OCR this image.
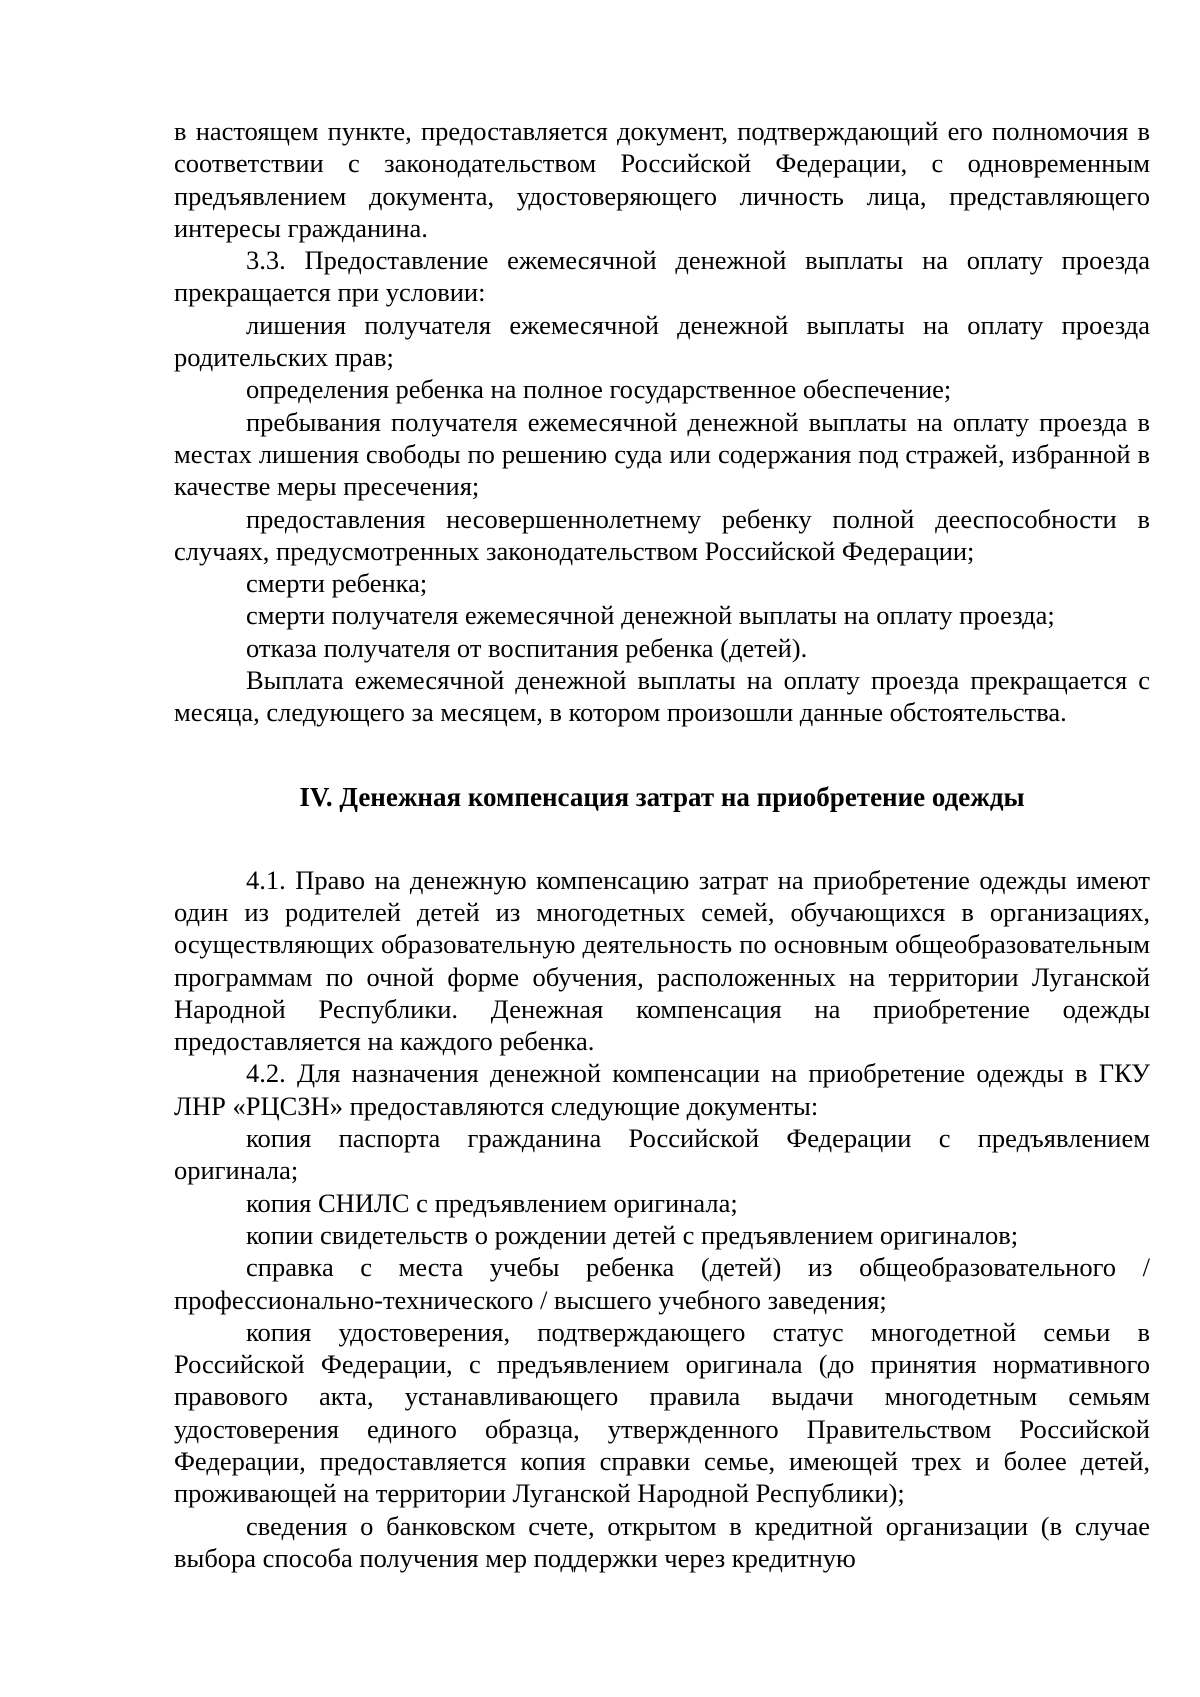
в настоящем пункте, предоставляется документ, подтверждающий его полномочия в соответствии с законодательством Российской Федерации, с одновременным предъявлением документа, удостоверяющего личность лица, представляющего интересы гражданина.

3.3. Предоставление ежемесячной денежной выплаты на оплату проезда прекращается при условии:

лишения получателя ежемесячной денежной выплаты на оплату проезда родительских прав;

определения ребенка на полное государственное обеспечение;

пребывания получателя ежемесячной денежной выплаты на оплату проезда в местах лишения свободы по решению суда или содержания под стражей, избранной в качестве меры пресечения;

предоставления несовершеннолетнему ребенку полной дееспособности в случаях, предусмотренных законодательством Российской Федерации;

смерти ребенка;

смерти получателя ежемесячной денежной выплаты на оплату проезда;

отказа получателя от воспитания ребенка (детей).

Выплата ежемесячной денежной выплаты на оплату проезда прекращается с месяца, следующего за месяцем, в котором произошли данные обстоятельства.

IV. Денежная компенсация затрат на приобретение одежды

4.1. Право на денежную компенсацию затрат на приобретение одежды имеют один из родителей детей из многодетных семей, обучающихся в организациях, осуществляющих образовательную деятельность по основным общеобразовательным программам по очной форме обучения, расположенных на территории Луганской Народной Республики. Денежная компенсация на приобретение одежды предоставляется на каждого ребенка.

4.2. Для назначения денежной компенсации на приобретение одежды в ГКУ ЛНР «РЦСЗН» предоставляются следующие документы:

копия паспорта гражданина Российской Федерации с предъявлением оригинала;

копия СНИЛС с предъявлением оригинала;

копии свидетельств о рождении детей с предъявлением оригиналов;

справка с места учебы ребенка (детей) из общеобразовательного / профессионально-технического / высшего учебного заведения;

копия удостоверения, подтверждающего статус многодетной семьи в Российской Федерации, с предъявлением оригинала (до принятия нормативного правового акта, устанавливающего правила выдачи многодетным семьям удостоверения единого образца, утвержденного Правительством Российской Федерации, предоставляется копия справки семье, имеющей трех и более детей, проживающей на территории Луганской Народной Республики);

сведения о банковском счете, открытом в кредитной организации (в случае выбора способа получения мер поддержки через кредитную
